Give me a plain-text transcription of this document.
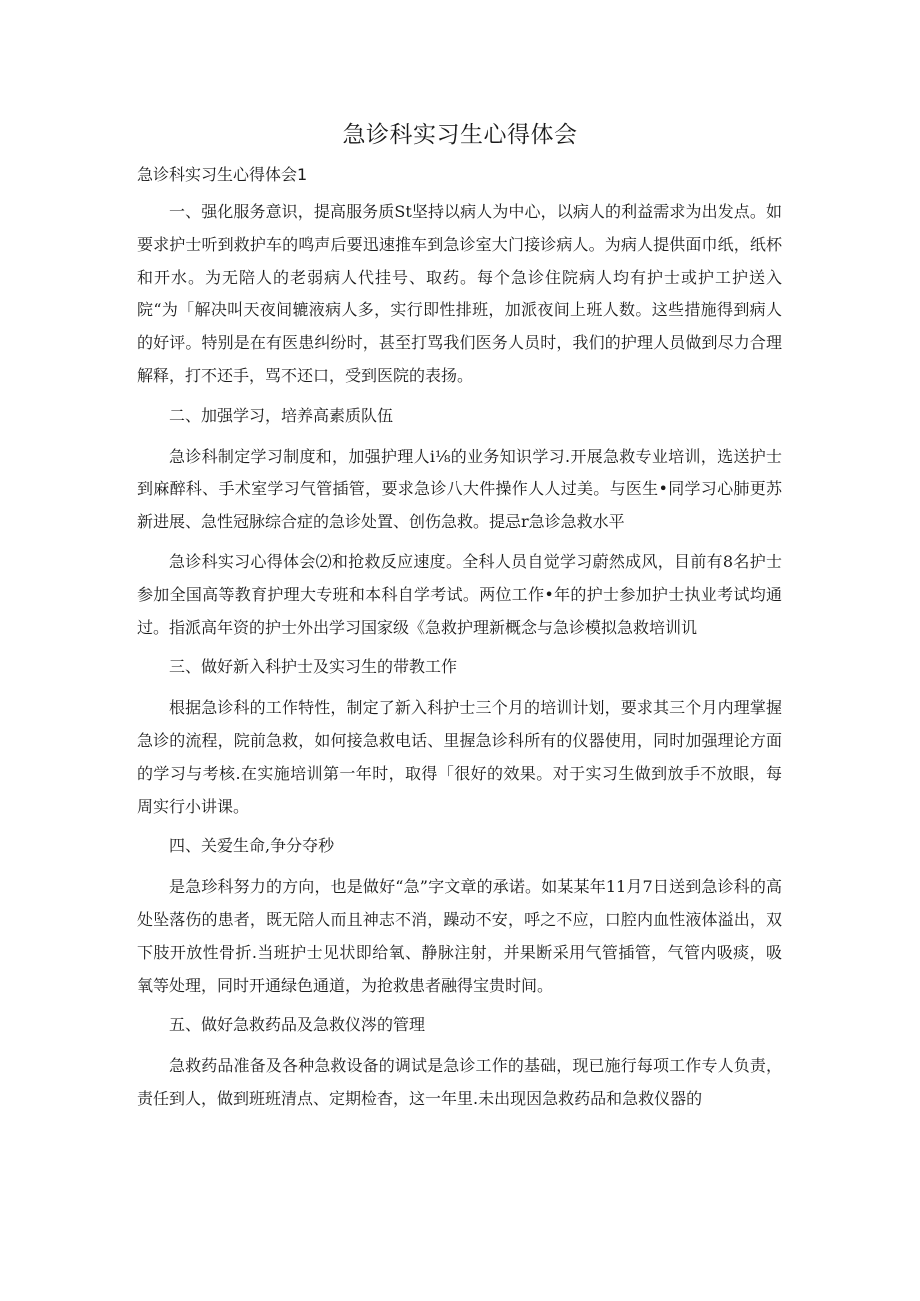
急诊科实习生心得体会

急诊科实习生心得体会1

一、强化服务意识，提高服务质St坚持以病人为中心，以病人的利益需求为出发点。如要求护士听到救护车的鸣声后要迅速推车到急诊室大门接诊病人。为病人提供面巾纸，纸杯和开水。为无陪人的老弱病人代挂号、取药。每个急诊住院病人均有护士或护工护送入院“为「解决叫天夜间辘液病人多，实行即性排班，加派夜间上班人数。这些措施得到病人的好评。特别是在有医患纠纷时，甚至打骂我们医务人员时，我们的护理人员做到尽力合理解释，打不还手，骂不还口，受到医院的表扬。

二、加强学习，培养高素质队伍

急诊科制定学习制度和，加强护理人i⅛的业务知识学习.开展急救专业培训，选送护士到麻醉科、手术室学习气管插管，要求急诊八大件操作人人过美。与医生•同学习心肺更苏新进展、急性冠脉综合症的急诊处置、创伤急救。提忌r急诊急救水平

急诊科实习心得体会⑵和抢救反应速度。全科人员自觉学习蔚然成风，目前有8名护士参加全国高等教育护理大专班和本科自学考试。两位工作•年的护士参加护士执业考试均通过。指派高年资的护士外出学习国家级《急救护理新概念与急诊模拟急救培训讥

三、做好新入科护士及实习生的带教工作

根据急诊科的工作特性，制定了新入科护士三个月的培训计划，要求其三个月内理掌握急诊的流程，院前急救，如何接急救电话、里握急诊科所有的仪器使用，同时加强理论方面的学习与考核.在实施培训第一年时，取得「很好的效果。对于实习生做到放手不放眼，每周实行小讲课。

四、关爱生命,争分夺秒

是急珍科努力的方向，也是做好“急”字文章的承诺。如某某年11月7日送到急诊科的高处坠落伤的患者，既无陪人而且神志不消，躁动不安，呼之不应，口腔内血性液体溢出，双下肢开放性骨折.当班护士见状即给氧、静脉注射，并果断采用气管插管，气管内吸痰，吸氧等处理，同时开通绿色通道，为抢救患者融得宝贵时间。

五、做好急救药品及急救仪涔的管理

急救药品准备及各种急救设备的调试是急诊工作的基础，现已施行每项工作专人负责，责任到人，做到班班清点、定期检杳，这一年里.未出现因急救药品和急救仪器的
